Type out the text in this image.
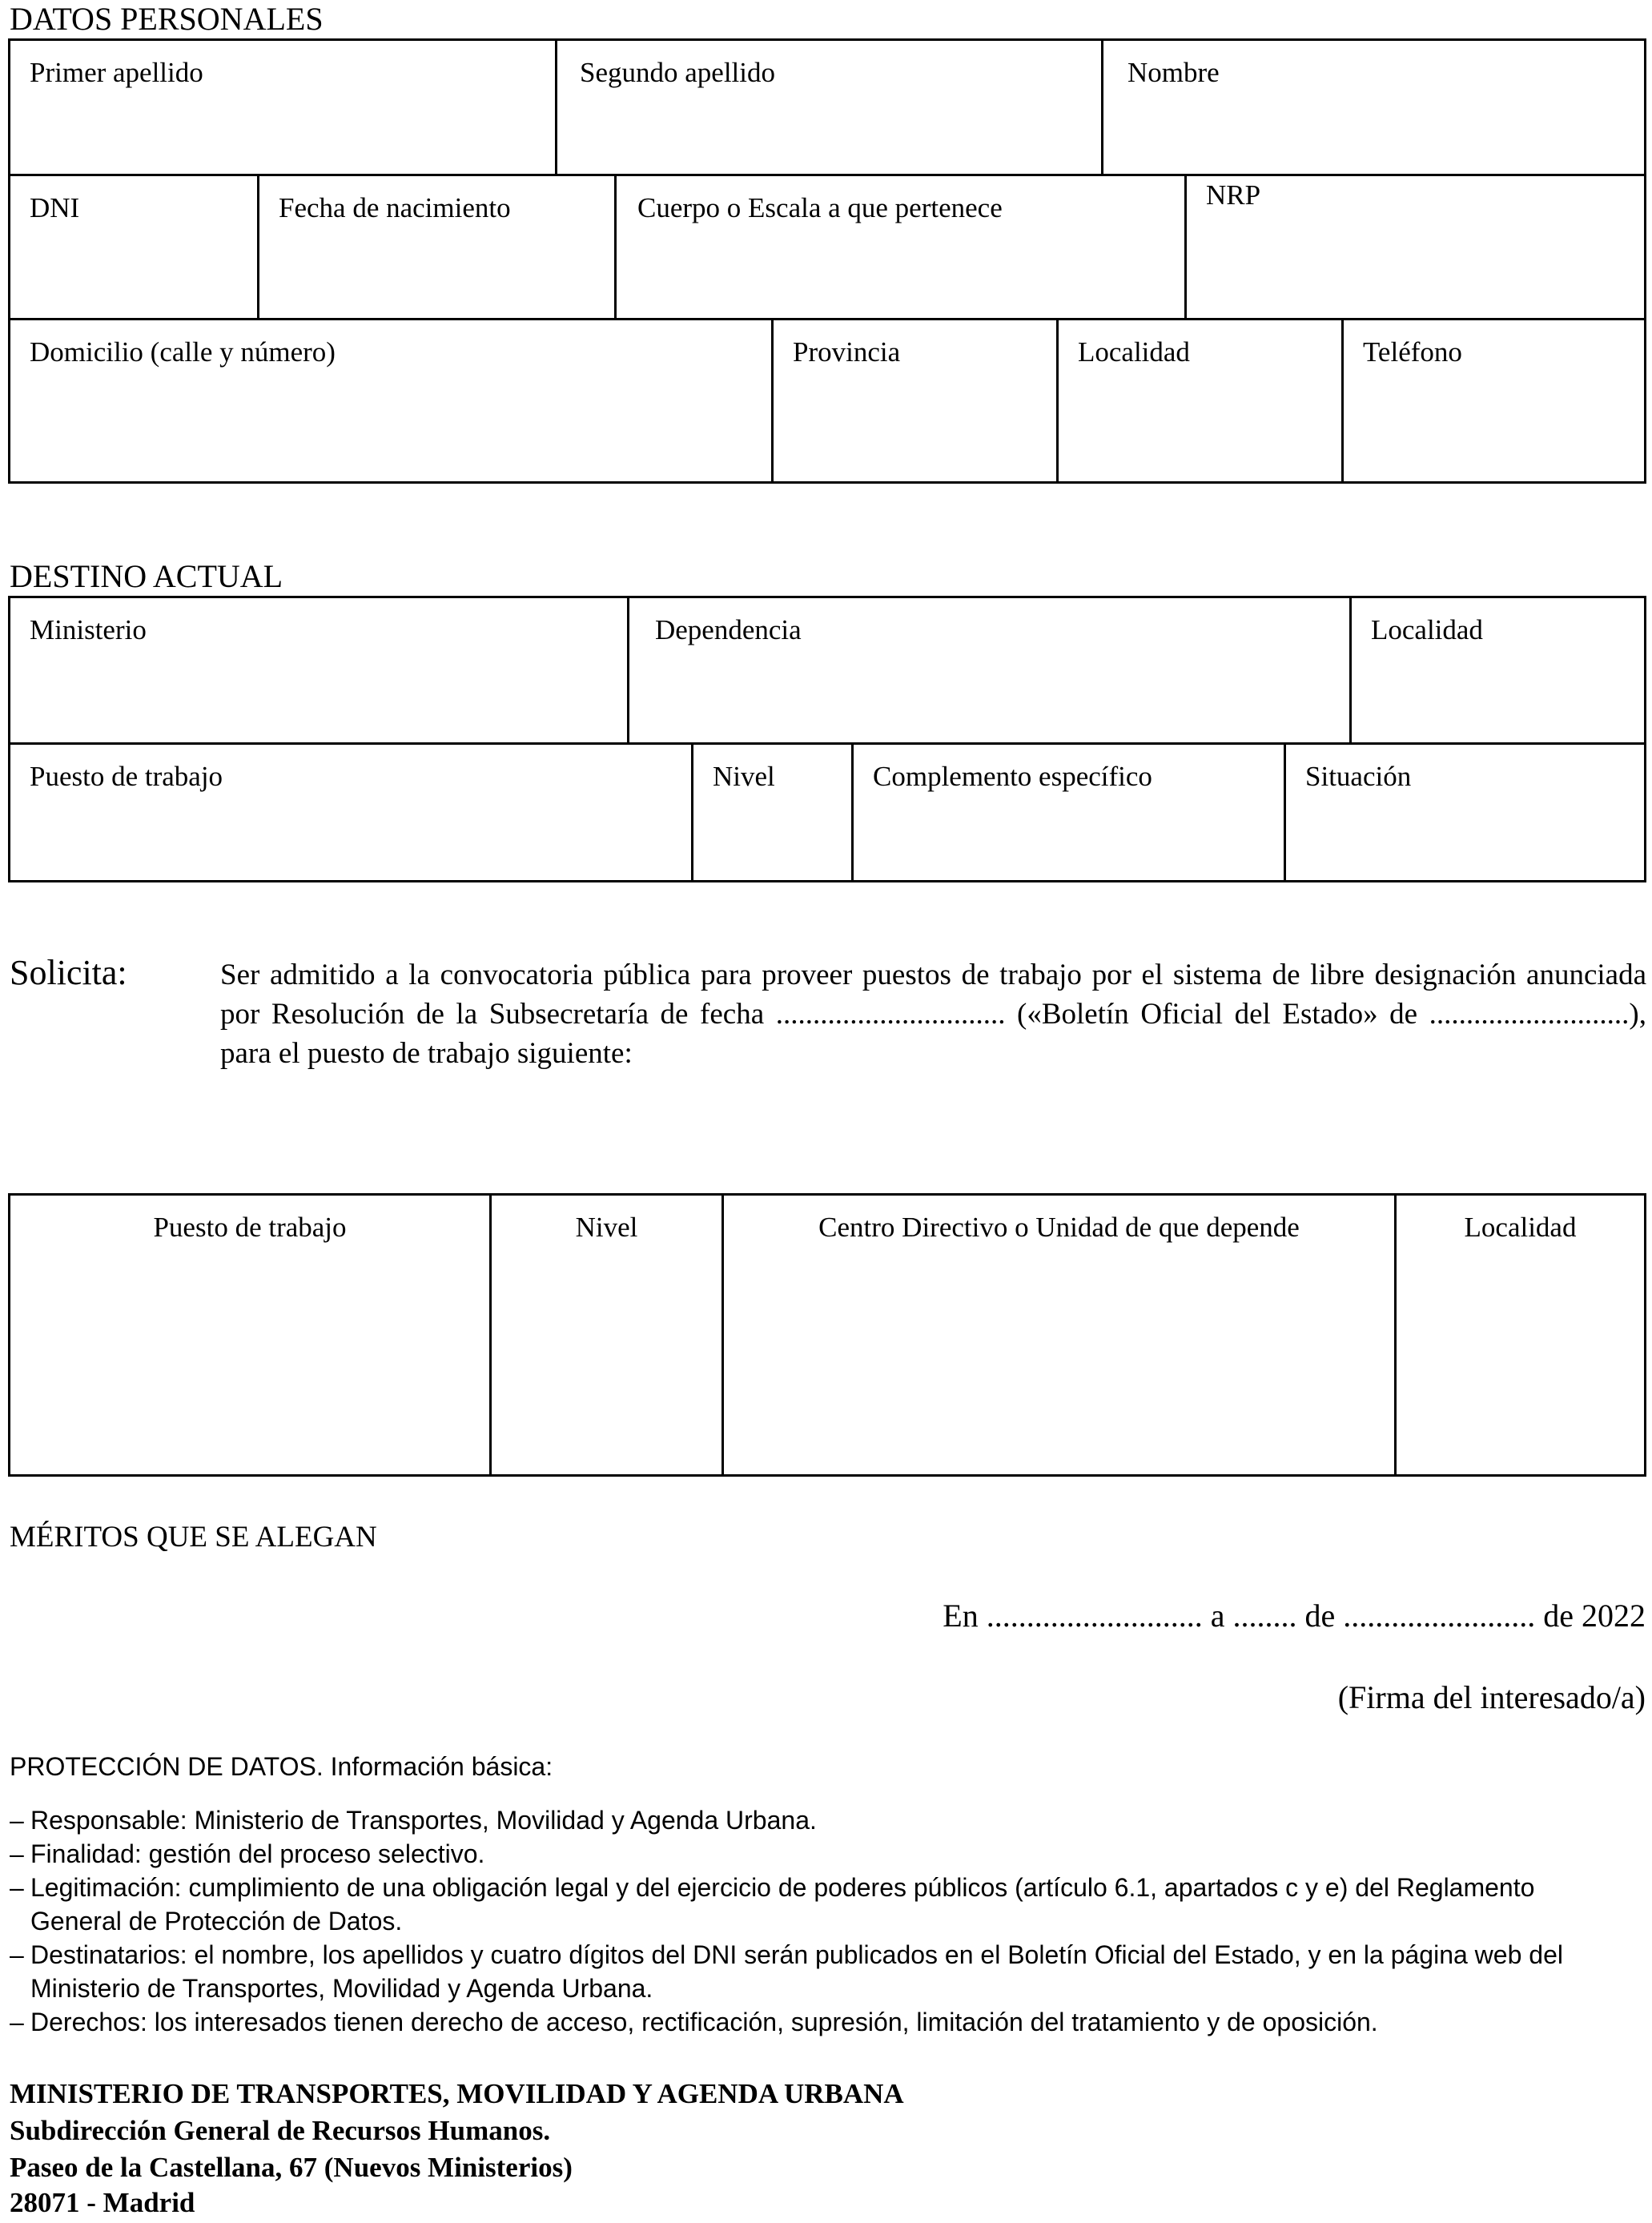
DATOS PERSONALES
Primer apellido	Segundo apellido	Nombre
DNI	Fecha de nacimiento	Cuerpo o Escala a que pertenece	NRP
Domicilio (calle y número)	Provincia	Localidad	Teléfono
DESTINO ACTUAL
Ministerio	Dependencia	Localidad
Puesto de trabajo	Nivel	Complemento específico	Situación
Solicita:	Ser admitido a la convocatoria pública para proveer puestos de trabajo por el sistema de libre designación anunciada por Resolución de la Subsecretaría de fecha ............................... («Boletín Oficial del Estado» de ...........................), para el puesto de trabajo siguiente:
Puesto de trabajo	Nivel	Centro Directivo o Unidad de que depende	Localidad
MÉRITOS QUE SE ALEGAN
En ........................... a ........ de ........................ de 2022
(Firma del interesado/a)
PROTECCIÓN DE DATOS. Información básica:
– Responsable: Ministerio de Transportes, Movilidad y Agenda Urbana.
– Finalidad: gestión del proceso selectivo.
– Legitimación: cumplimiento de una obligación legal y del ejercicio de poderes públicos (artículo 6.1, apartados c y e) del Reglamento General de Protección de Datos.
– Destinatarios: el nombre, los apellidos y cuatro dígitos del DNI serán publicados en el Boletín Oficial del Estado, y en la página web del Ministerio de Transportes, Movilidad y Agenda Urbana.
– Derechos: los interesados tienen derecho de acceso, rectificación, supresión, limitación del tratamiento y de oposición.
MINISTERIO DE TRANSPORTES, MOVILIDAD Y AGENDA URBANA
Subdirección General de Recursos Humanos.
Paseo de la Castellana, 67 (Nuevos Ministerios)
28071 - Madrid
